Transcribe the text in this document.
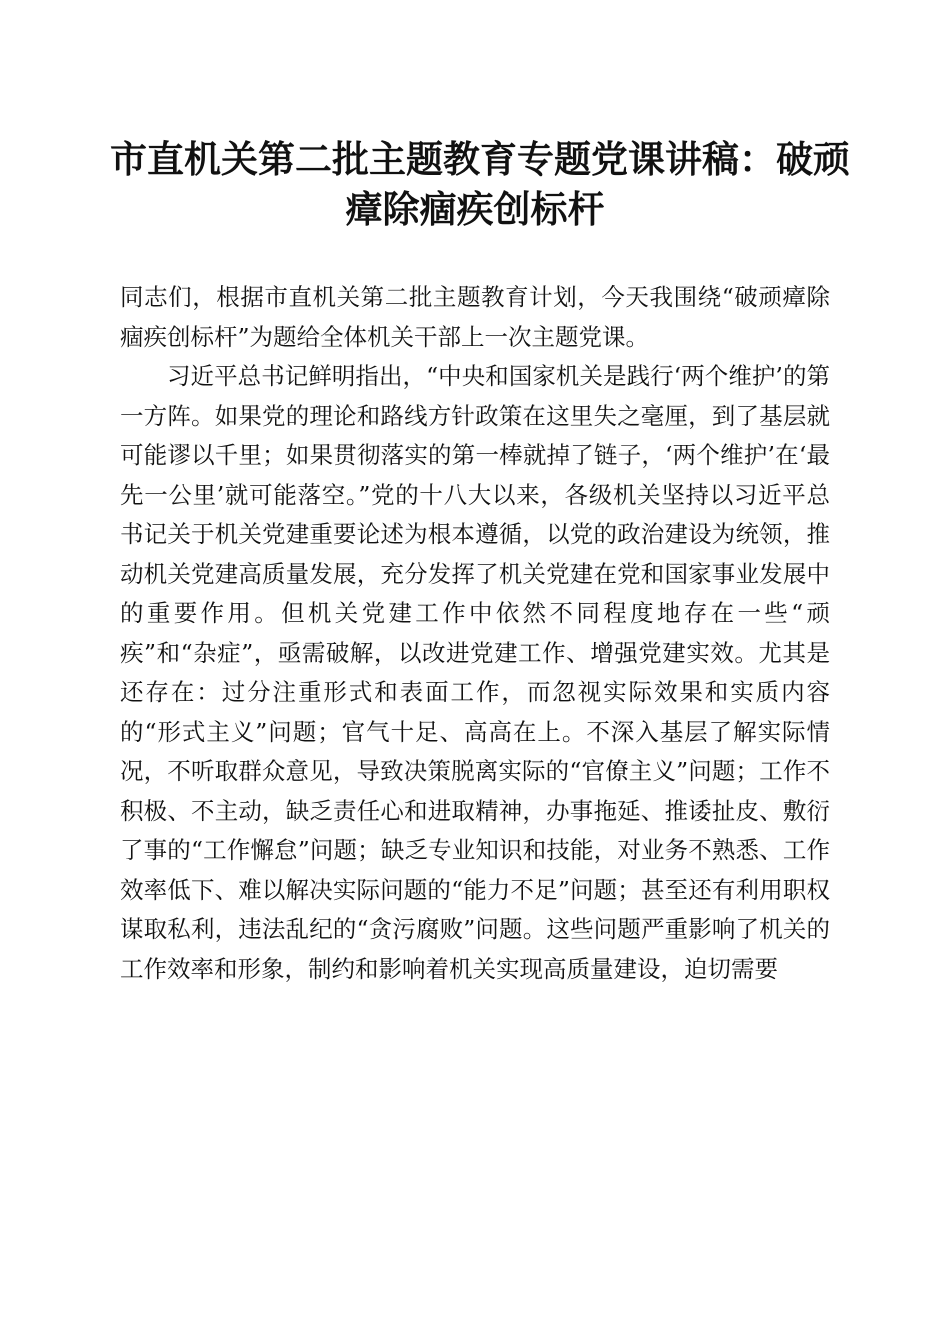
市直机关第二批主题教育专题党课讲稿：破顽
瘴除痼疾创标杆

同志们，根据市直机关第二批主题教育计划，今天我围绕“破顽瘴除痼疾创标杆”为题给全体机关干部上一次主题党课。

习近平总书记鲜明指出，“中央和国家机关是践行‘两个维护’的第一方阵。如果党的理论和路线方针政策在这里失之毫厘，到了基层就可能谬以千里；如果贯彻落实的第一棒就掉了链子，‘两个维护’在‘最先一公里’就可能落空。”党的十八大以来，各级机关坚持以习近平总书记关于机关党建重要论述为根本遵循，以党的政治建设为统领，推动机关党建高质量发展，充分发挥了机关党建在党和国家事业发展中的重要作用。但机关党建工作中依然不同程度地存在一些“顽疾”和“杂症”，亟需破解，以改进党建工作、增强党建实效。尤其是还存在：过分注重形式和表面工作，而忽视实际效果和实质内容的“形式主义”问题；官气十足、高高在上。不深入基层了解实际情况，不听取群众意见，导致决策脱离实际的“官僚主义”问题；工作不积极、不主动，缺乏责任心和进取精神，办事拖延、推诿扯皮、敷衍了事的“工作懈怠”问题；缺乏专业知识和技能，对业务不熟悉、工作效率低下、难以解决实际问题的“能力不足”问题；甚至还有利用职权谋取私利，违法乱纪的“贪污腐败”问题。这些问题严重影响了机关的工作效率和形象，制约和影响着机关实现高质量建设，迫切需要
